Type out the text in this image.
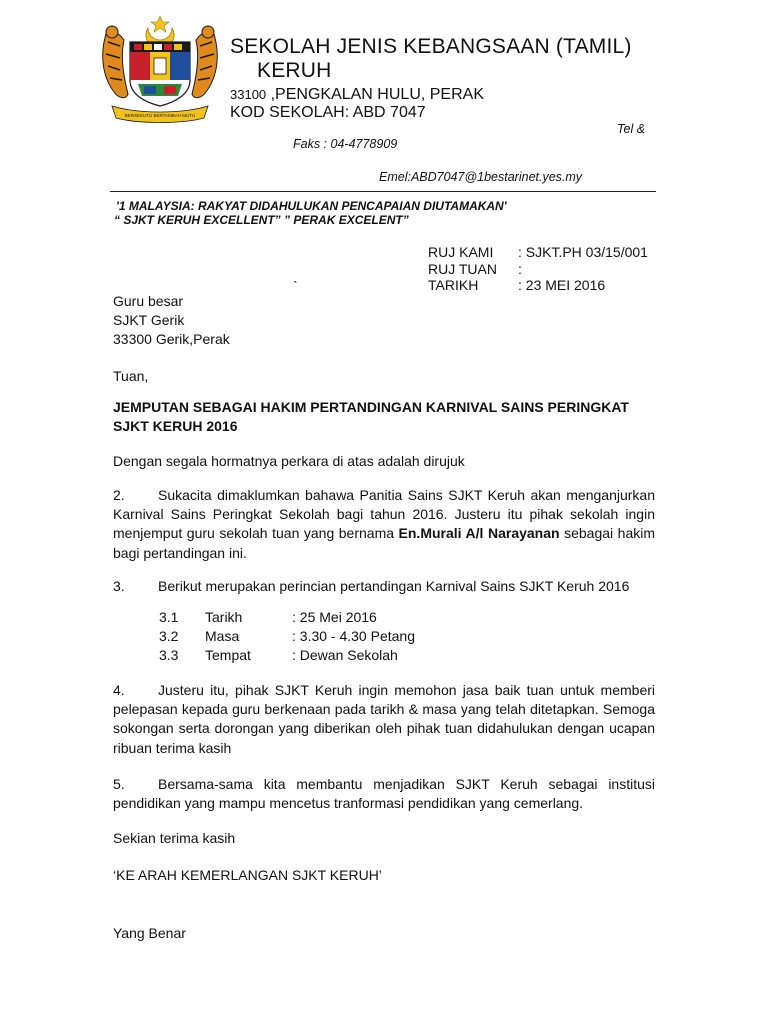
BERSEKUTU BERTAMBAH MUTU
SEKOLAH JENIS KEBANGSAAN (TAMIL)
KERUH
33100 ,PENGKALAN HULU, PERAK
KOD SEKOLAH: ABD 7047
Tel &
Faks : 04-4778909
Emel:ABD7047@1bestarinet.yes.my
'1 MALAYSIA: RAKYAT DIDAHULUKAN PENCAPAIAN DIUTAMAKAN'
“ SJKT KERUH EXCELLENT” ” PERAK EXCELENT”
RUJ KAMI : SJKT.PH 03/15/001
RUJ TUAN :
TARIKH	: 23 MEI 2016
`
Guru besar
SJKT Gerik
33300 Gerik,Perak
Tuan,
JEMPUTAN SEBAGAI HAKIM PERTANDINGAN KARNIVAL SAINS PERINGKAT
SJKT KERUH 2016
Dengan segala hormatnya perkara di atas adalah dirujuk
2.	Sukacita dimaklumkan bahawa Panitia Sains SJKT Keruh akan menganjurkan Karnival Sains Peringkat Sekolah bagi tahun 2016. Justeru itu pihak sekolah ingin menjemput guru sekolah tuan yang bernama En.Murali A/l Narayanan sebagai hakim bagi pertandingan ini.
3. Berikut merupakan perincian pertandingan Karnival Sains SJKT Keruh 2016
3.1 Tarikh	: 25 Mei 2016
3.2 Masa	: 3.30 - 4.30 Petang
3.3 Tempat	: Dewan Sekolah
4.	Justeru itu, pihak SJKT Keruh ingin memohon jasa baik tuan untuk memberi pelepasan kepada guru berkenaan pada tarikh & masa yang telah ditetapkan. Semoga sokongan serta dorongan yang diberikan oleh pihak tuan didahulukan dengan ucapan ribuan terima kasih
5.	Bersama-sama kita membantu menjadikan SJKT Keruh sebagai institusi pendidikan yang mampu mencetus tranformasi pendidikan yang cemerlang.
Sekian terima kasih
‘KE ARAH KEMERLANGAN SJKT KERUH’
Yang Benar
